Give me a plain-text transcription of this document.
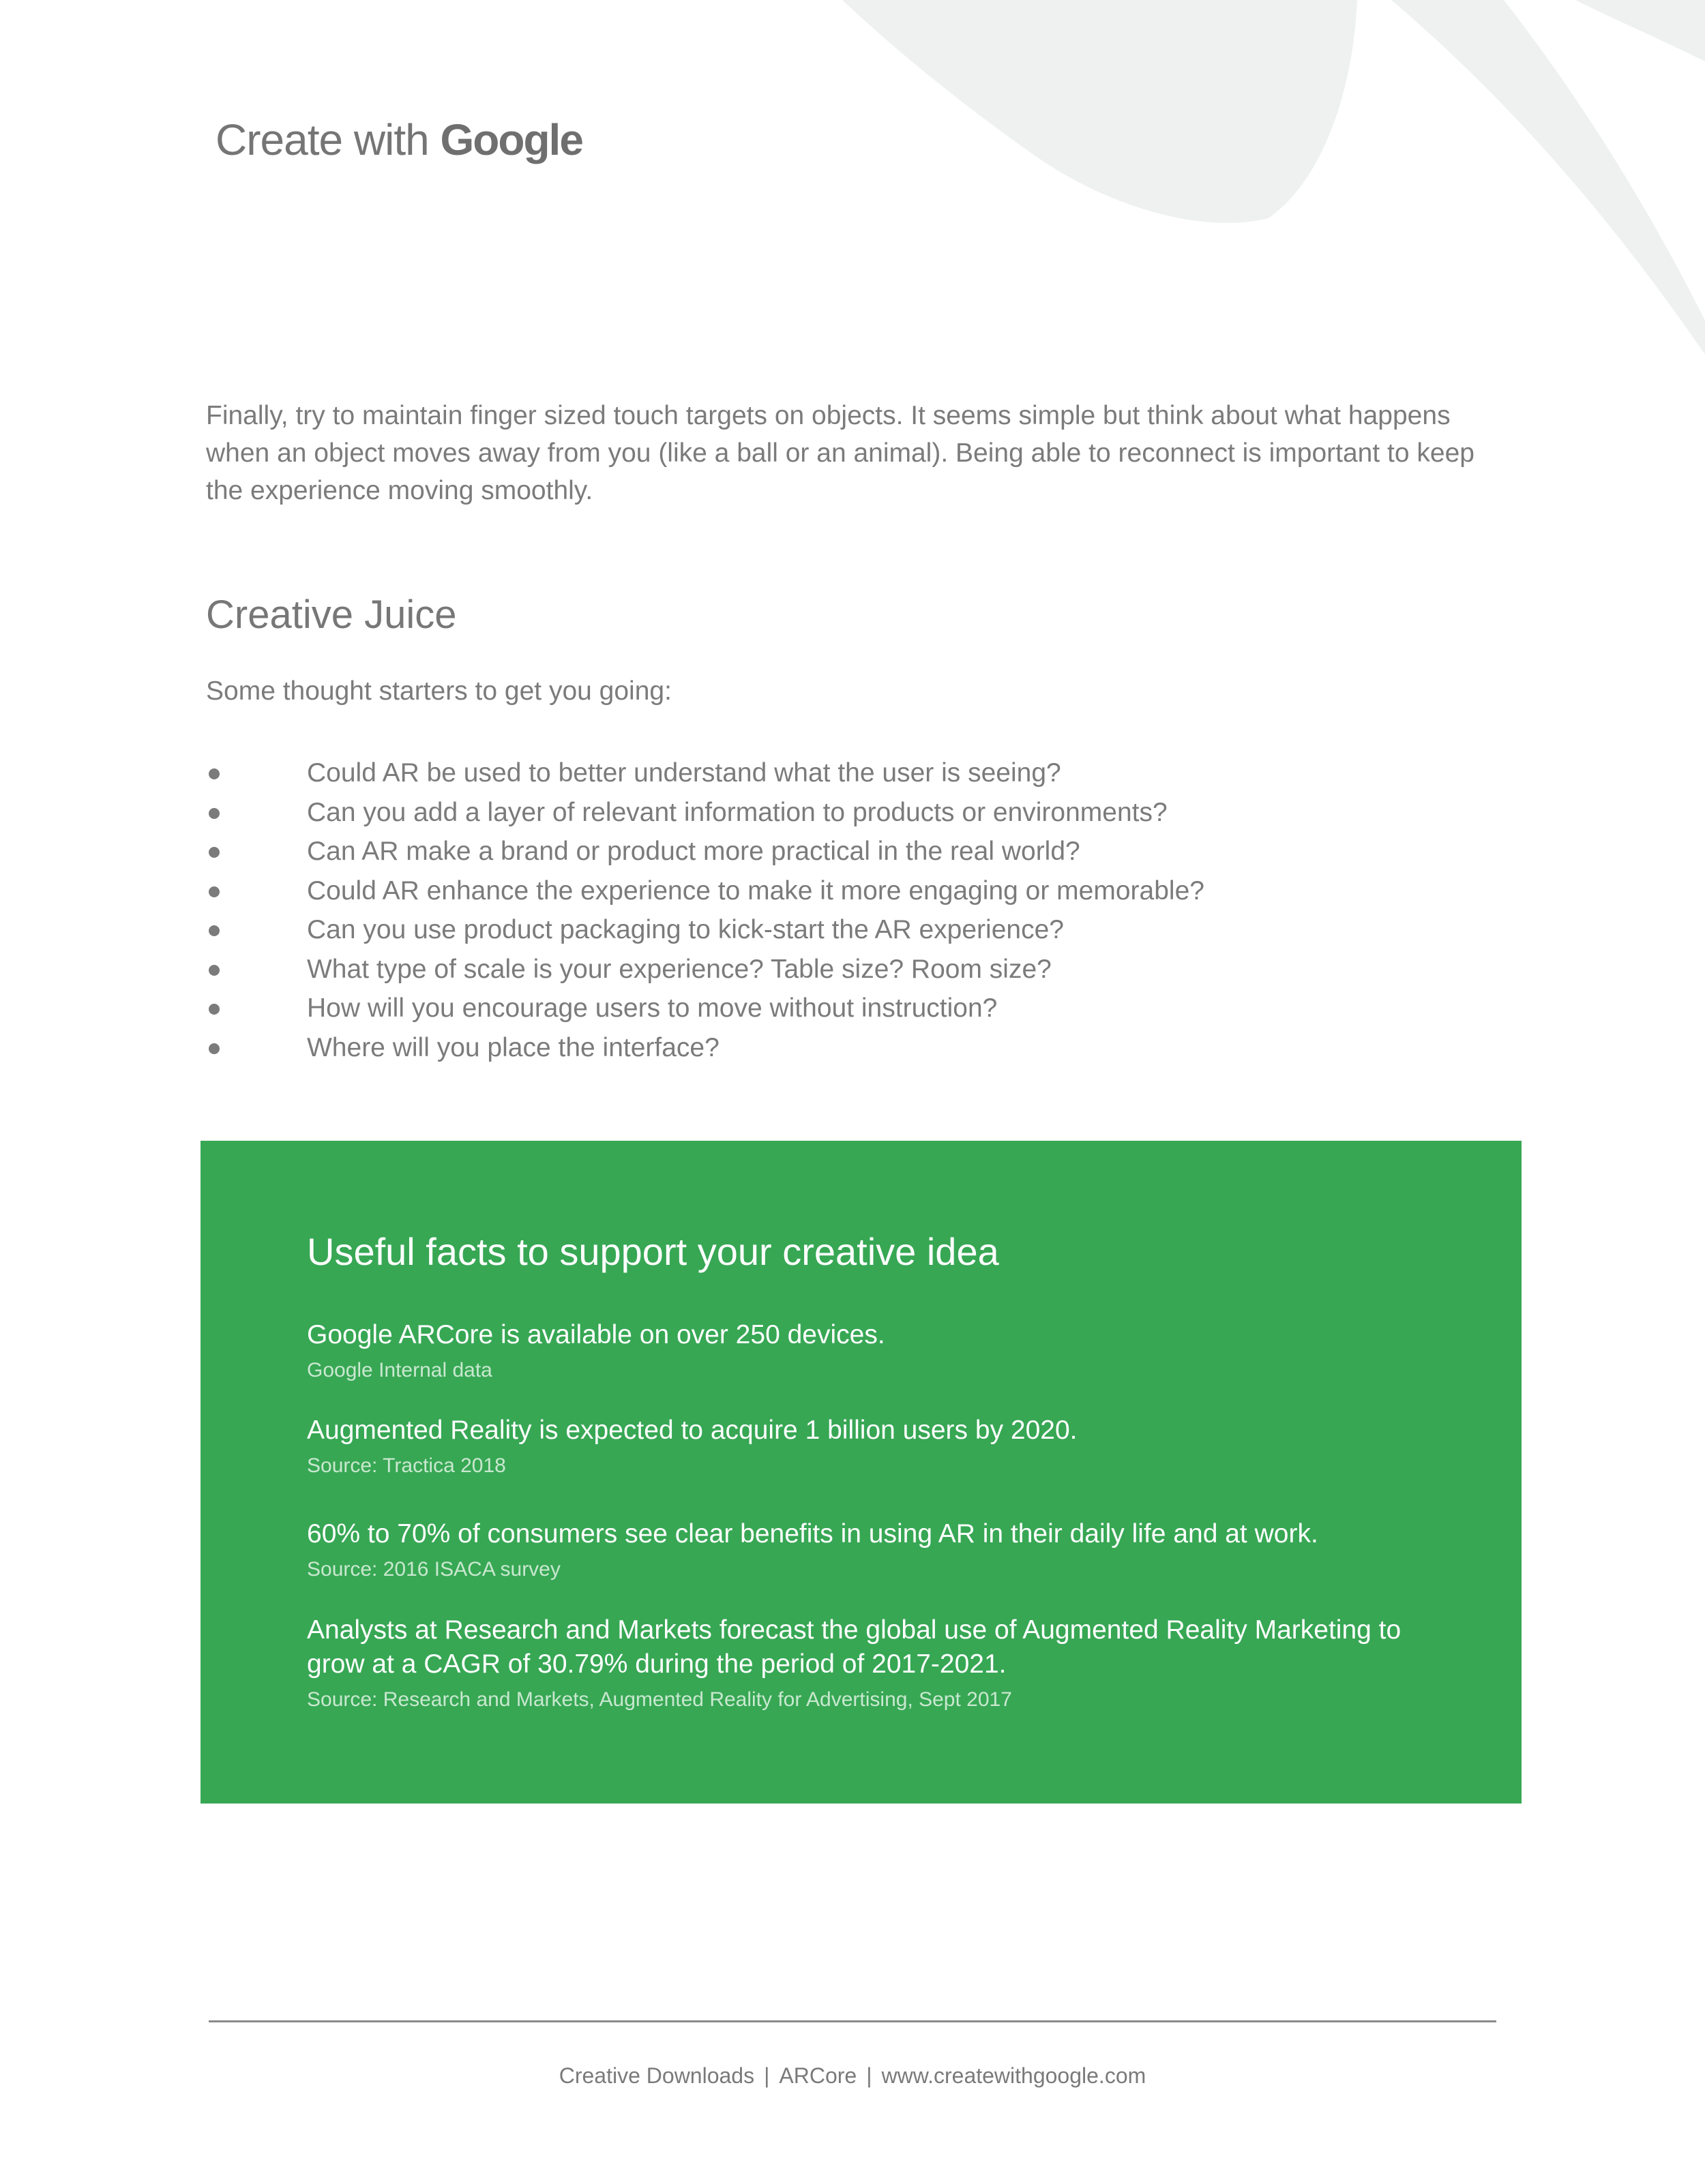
Create with Google

Finally, try to maintain finger sized touch targets on objects. It seems simple but think about what happens when an object moves away from you (like a ball or an animal). Being able to reconnect is important to keep the experience moving smoothly.

Creative Juice

Some thought starters to get you going:

Could AR be used to better understand what the user is seeing?
Can you add a layer of relevant information to products or environments?
Can AR make a brand or product more practical in the real world?
Could AR enhance the experience to make it more engaging or memorable?
Can you use product packaging to kick-start the AR experience?
What type of scale is your experience? Table size? Room size?
How will you encourage users to move without instruction?
Where will you place the interface?
Useful facts to support your creative idea

Google ARCore is available on over 250 devices.

Google Internal data

Augmented Reality is expected to acquire 1 billion users by 2020.

Source: Tractica 2018

60% to 70% of consumers see clear benefits in using AR in their daily life and at work.

Source: 2016 ISACA survey

Analysts at Research and Markets forecast the global use of Augmented Reality Marketing to grow at a CAGR of 30.79% during the period of 2017-2021.

Source: Research and Markets, Augmented Reality for Advertising, Sept 2017

Creative Downloads | ARCore | www.createwithgoogle.com
